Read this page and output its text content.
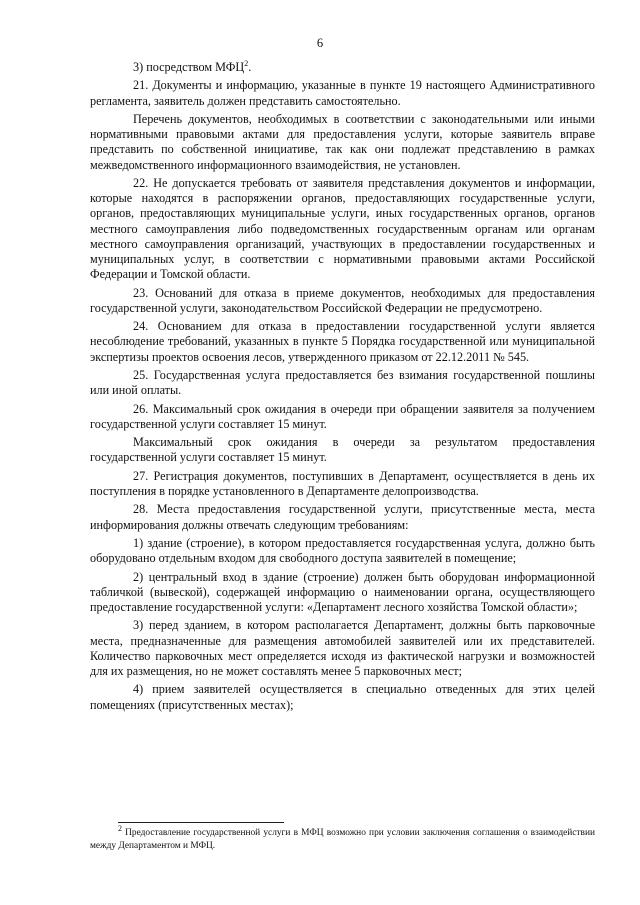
6

3) посредством МФЦ$^2$.

21. Документы и информацию, указанные в пункте 19 настоящего Административного регламента, заявитель должен представить самостоятельно.

Перечень документов, необходимых в соответствии с законодательными или иными нормативными правовыми актами для предоставления услуги, которые заявитель вправе представить по собственной инициативе, так как они подлежат представлению в рамках межведомственного информационного взаимодействия, не установлен.

22. Не допускается требовать от заявителя представления документов и информации, которые находятся в распоряжении органов, предоставляющих государственные услуги, органов, предоставляющих муниципальные услуги, иных государственных органов, органов местного самоуправления либо подведомственных государственным органам или органам местного самоуправления организаций, участвующих в предоставлении государственных и муниципальных услуг, в соответствии с нормативными правовыми актами Российской Федерации и Томской области.

23. Оснований для отказа в приеме документов, необходимых для предоставления государственной услуги, законодательством Российской Федерации не предусмотрено.

24. Основанием для отказа в предоставлении государственной услуги является несоблюдение требований, указанных в пункте 5 Порядка государственной или муниципальной экспертизы проектов освоения лесов, утвержденного приказом от 22.12.2011 № 545.

25. Государственная услуга предоставляется без взимания государственной пошлины или иной оплаты.

26. Максимальный срок ожидания в очереди при обращении заявителя за получением государственной услуги составляет 15 минут.

Максимальный срок ожидания в очереди за результатом предоставления государственной услуги составляет 15 минут.

27. Регистрация документов, поступивших в Департамент, осуществляется в день их поступления в порядке установленного в Департаменте делопроизводства.

28. Места предоставления государственной услуги, присутственные места, места информирования должны отвечать следующим требованиям:

1) здание (строение), в котором предоставляется государственная услуга, должно быть оборудовано отдельным входом для свободного доступа заявителей в помещение;

2) центральный вход в здание (строение) должен быть оборудован информационной табличкой (вывеской), содержащей информацию о наименовании органа, осуществляющего предоставление государственной услуги: «Департамент лесного хозяйства Томской области»;

3) перед зданием, в котором располагается Департамент, должны быть парковочные места, предназначенные для размещения автомобилей заявителей или их представителей. Количество парковочных мест определяется исходя из фактической нагрузки и возможностей для их размещения, но не может составлять менее 5 парковочных мест;

4) прием заявителей осуществляется в специально отведенных для этих целей помещениях (присутственных местах);

$^2$ Предоставление государственной услуги в МФЦ возможно при условии заключения соглашения о взаимодействии между Департаментом и МФЦ.
